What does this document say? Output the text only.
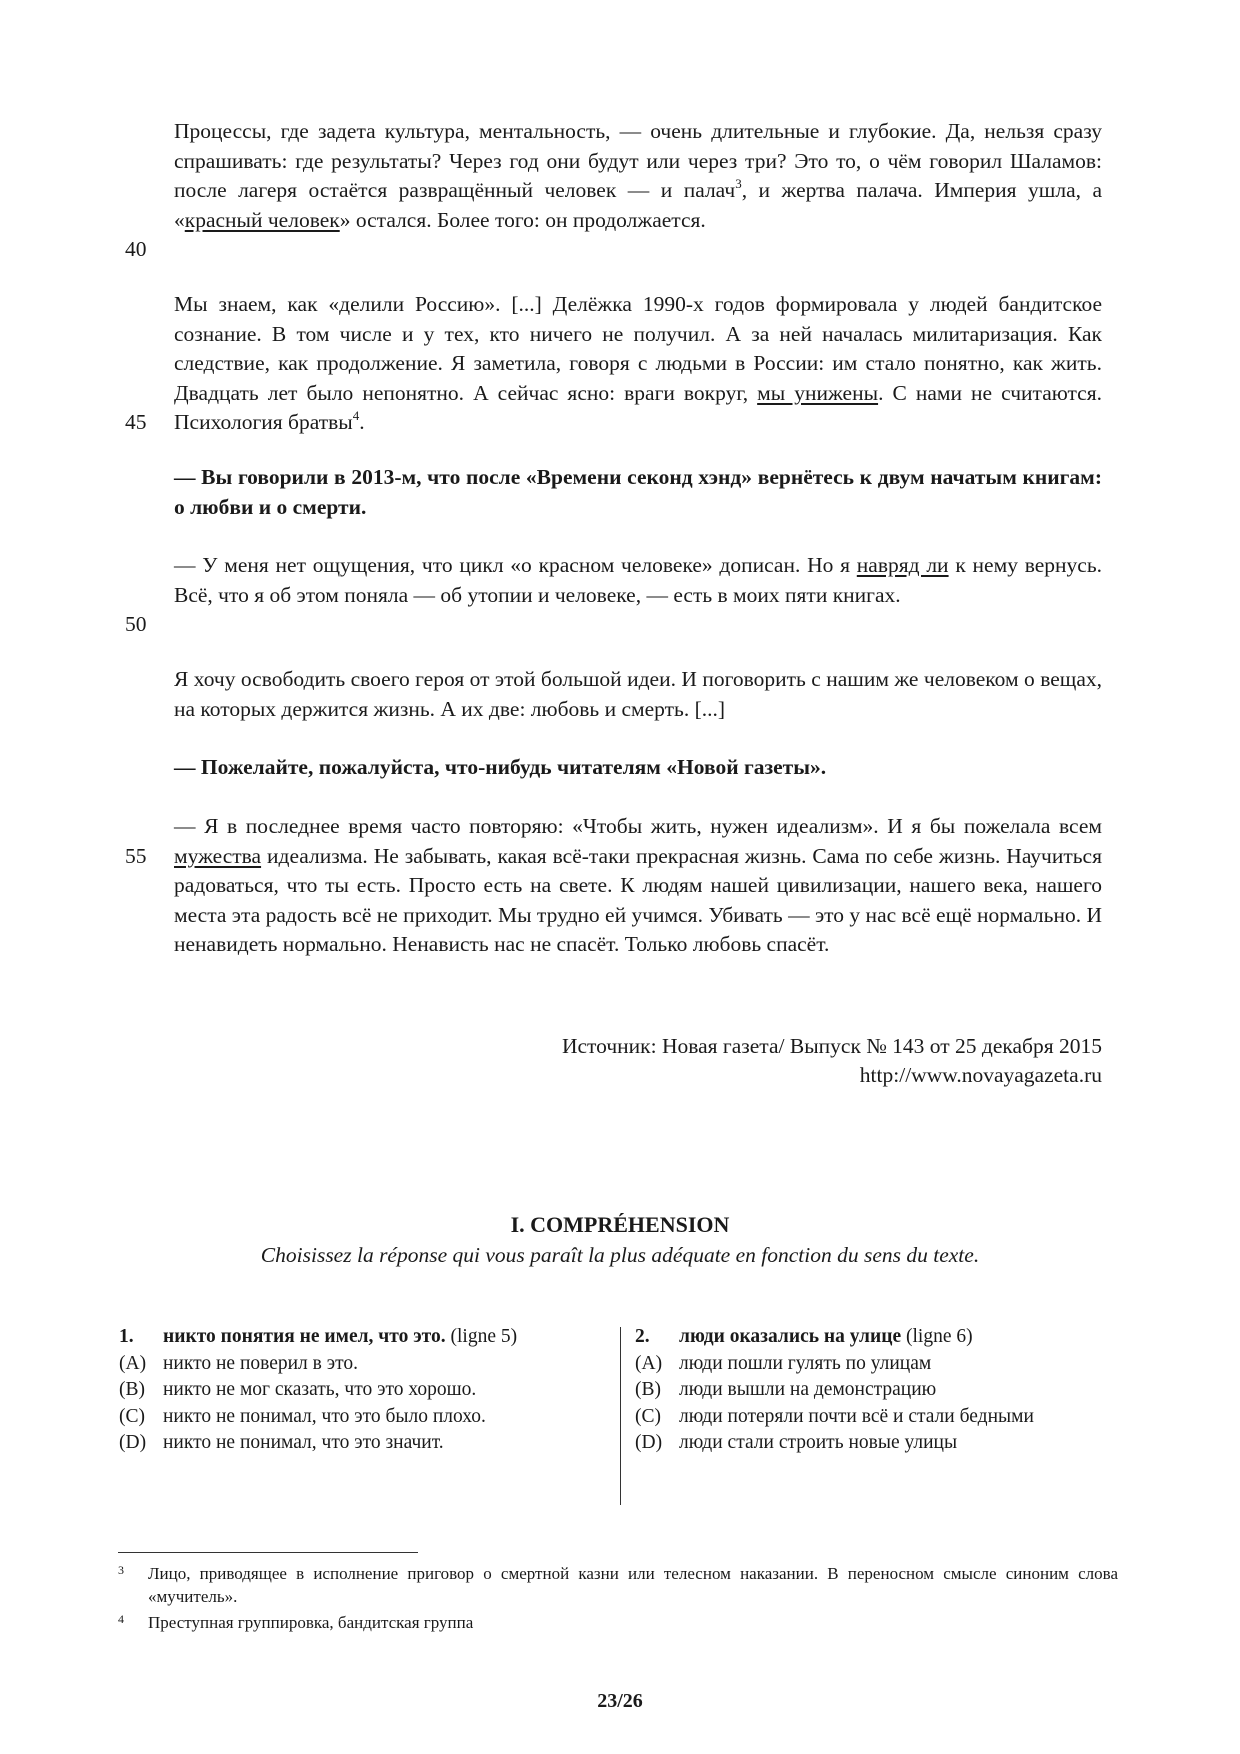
Процессы, где задета культура, ментальность, — очень длительные и глубокие. Да, нельзя сразу спрашивать: где результаты? Через год они будут или через три? Это то, о чём говорил Шаламов: после лагеря остаётся развращённый человек — и палач$^3$, и жертва палача. Империя ушла, а «красный человек» остался. Более того: он продолжается.
40
Мы знаем, как «делили Россию». [...] Делёжка 1990-х годов формировала у людей бандитское сознание. В том числе и у тех, кто ничего не получил. А за ней началась милитаризация. Как следствие, как продолжение. Я заметила, говоря с людьми в России: им стало понятно, как жить. Двадцать лет было непонятно. А сейчас ясно: враги вокруг, мы унижены. С нами не считаются. Психология братвы$^4$.
45
— Вы говорили в 2013-м, что после «Времени секонд хэнд» вернётесь к двум начатым книгам: о любви и о смерти.
— У меня нет ощущения, что цикл «о красном человеке» дописан. Но я навряд ли к нему вернусь. Всё, что я об этом поняла — об утопии и человеке, — есть в моих пяти книгах.
50
Я хочу освободить своего героя от этой большой идеи. И поговорить с нашим же человеком о вещах, на которых держится жизнь. А их две: любовь и смерть. [...]
— Пожелайте, пожалуйста, что-нибудь читателям «Новой газеты».
— Я в последнее время часто повторяю: «Чтобы жить, нужен идеализм». И я бы пожелала всем мужества идеализма. Не забывать, какая всё-таки прекрасная жизнь. Сама по себе жизнь. Научиться радоваться, что ты есть. Просто есть на свете. К людям нашей цивилизации, нашего века, нашего места эта радость всё не приходит. Мы трудно ей учимся. Убивать — это у нас всё ещё нормально. И ненавидеть нормально. Ненависть нас не спасёт. Только любовь спасёт.
55
Источник: Новая газета/ Выпуск № 143 от 25 декабря 2015
http://www.novayagazeta.ru
I. COMPRÉHENSION
Choisissez la réponse qui vous paraît la plus adéquate en fonction du sens du texte.
1. никто понятия не имел, что это. (ligne 5)
(A) никто не поверил в это.
(B) никто не мог сказать, что это хорошо.
(C) никто не понимал, что это было плохо.
(D) никто не понимал, что это значит.
2. люди оказались на улице (ligne 6)
(A) люди пошли гулять по улицам
(B) люди вышли на демонстрацию
(C) люди потеряли почти всё и стали бедными
(D) люди стали строить новые улицы
3 Лицо, приводящее в исполнение приговор о смертной казни или телесном наказании. В переносном смысле синоним слова «мучитель».
4 Преступная группировка, бандитская группа
23/26
